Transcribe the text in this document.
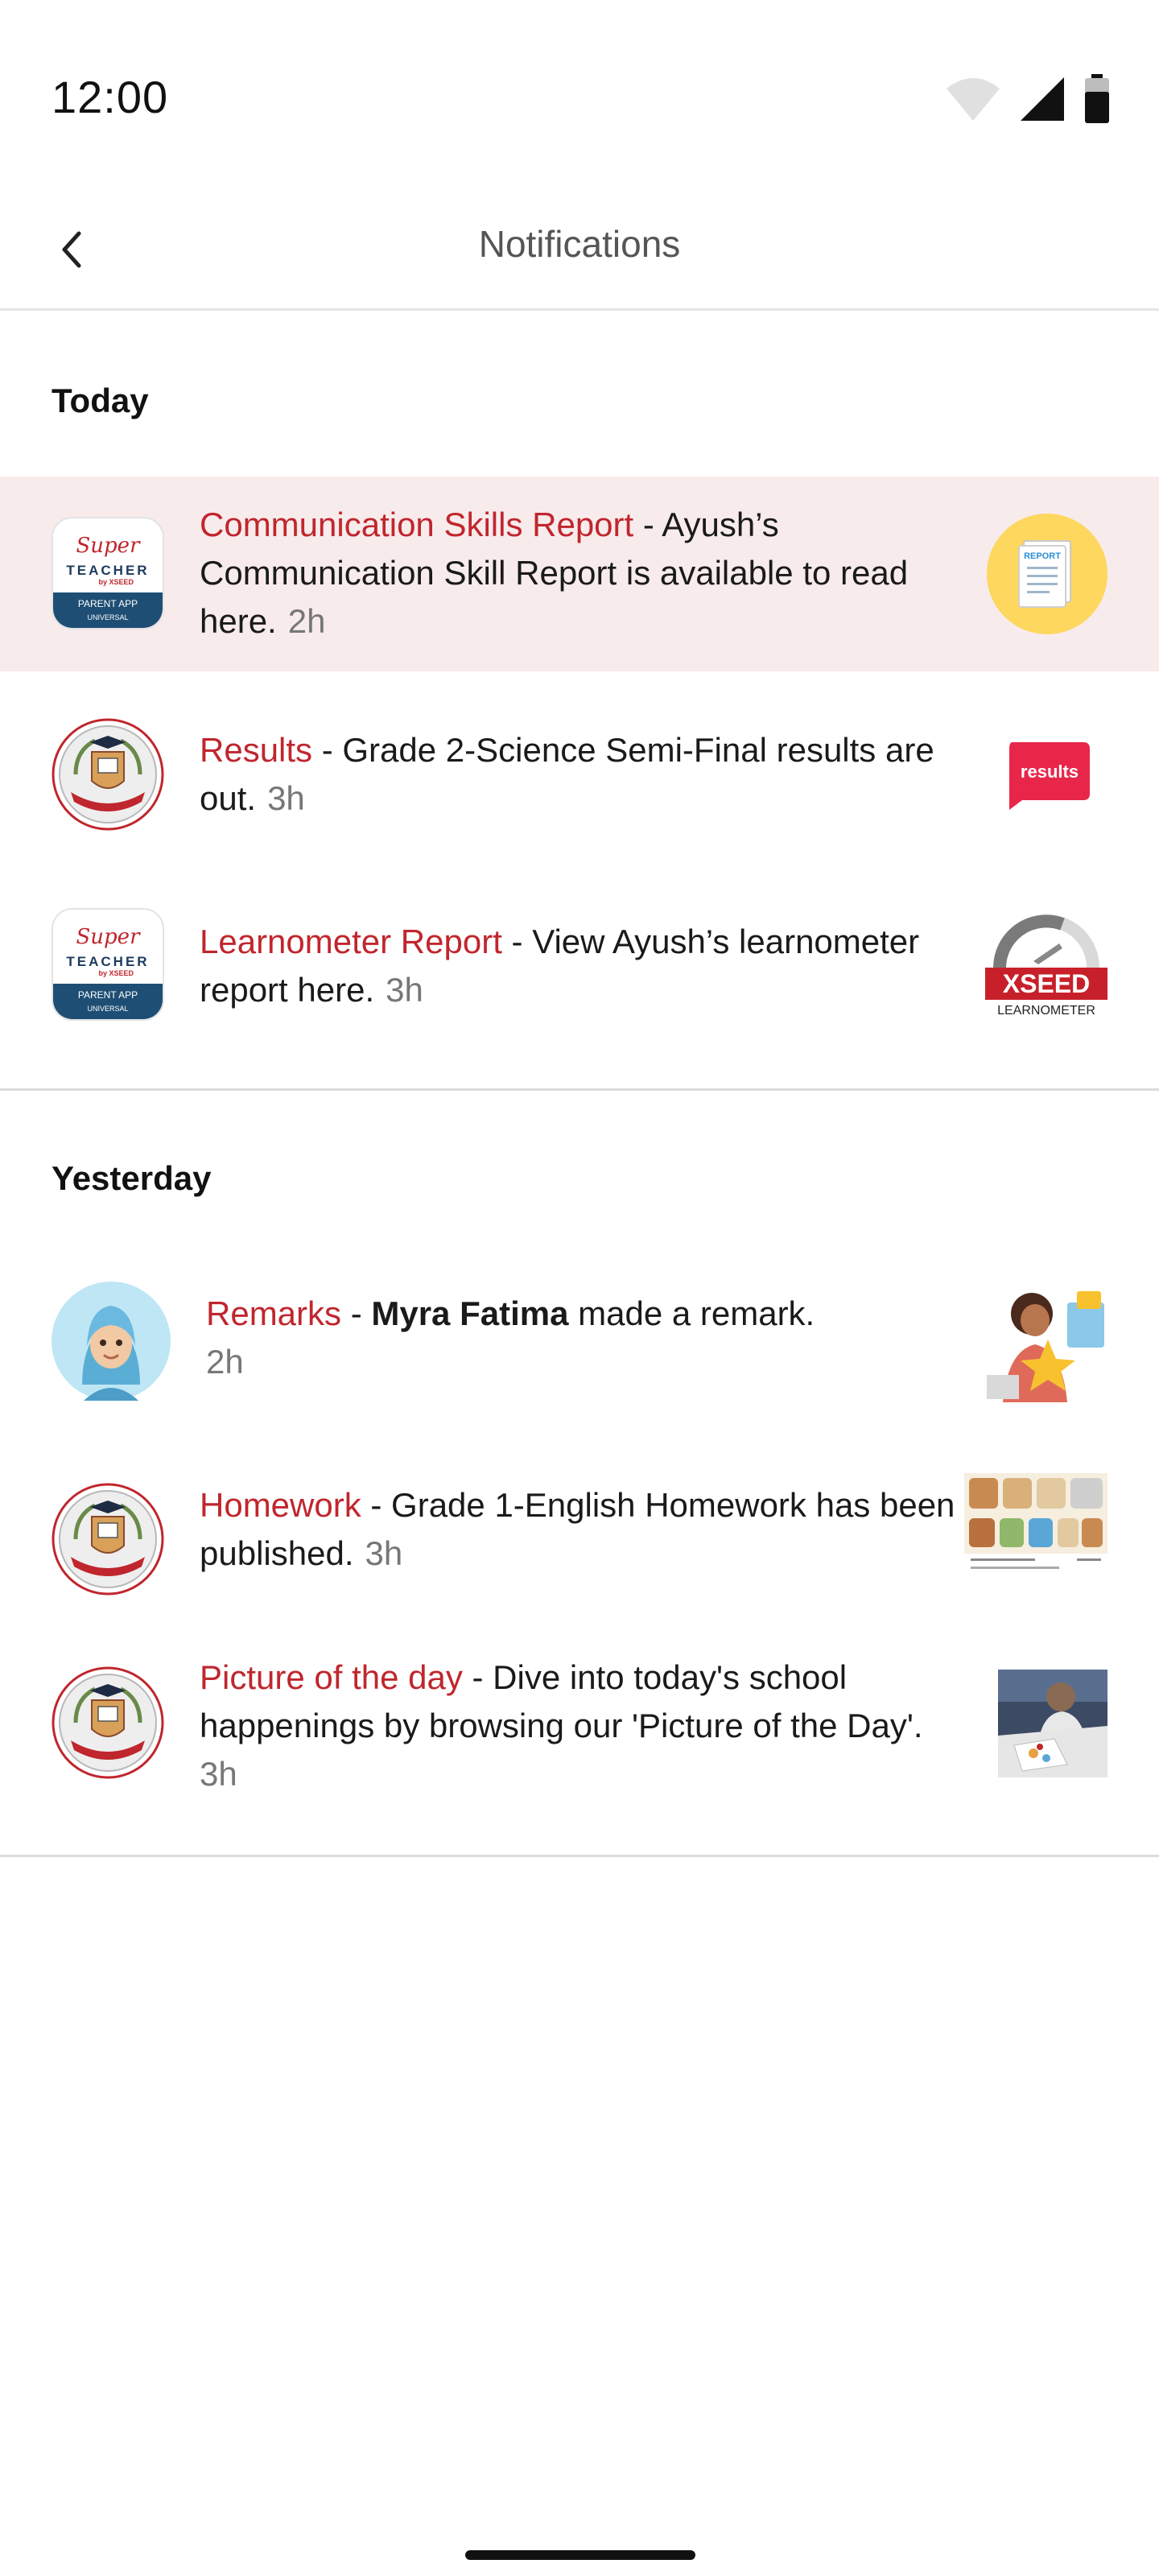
12:00
Notifications
Today
Super
TEACHER
by XSEED
PARENT APP
UNIVERSAL
Communication Skills Report - Ayush’s Communication Skill Report is available to read here. 2h
REPORT
Results - Grade 2-Science Semi-Final results are out. 3h
results
Super
TEACHER
by XSEED
PARENT APP
UNIVERSAL
Learnometer Report - View Ayush’s learnometer report here. 3h	XSEED
LEARNOMETER
Yesterday
Remarks - Myra Fatima made a remark.
2h
Homework - Grade 1-English Homework has been published. 3h
Picture of the day - Dive into today's school happenings by browsing our 'Picture of the Day'.
3h
